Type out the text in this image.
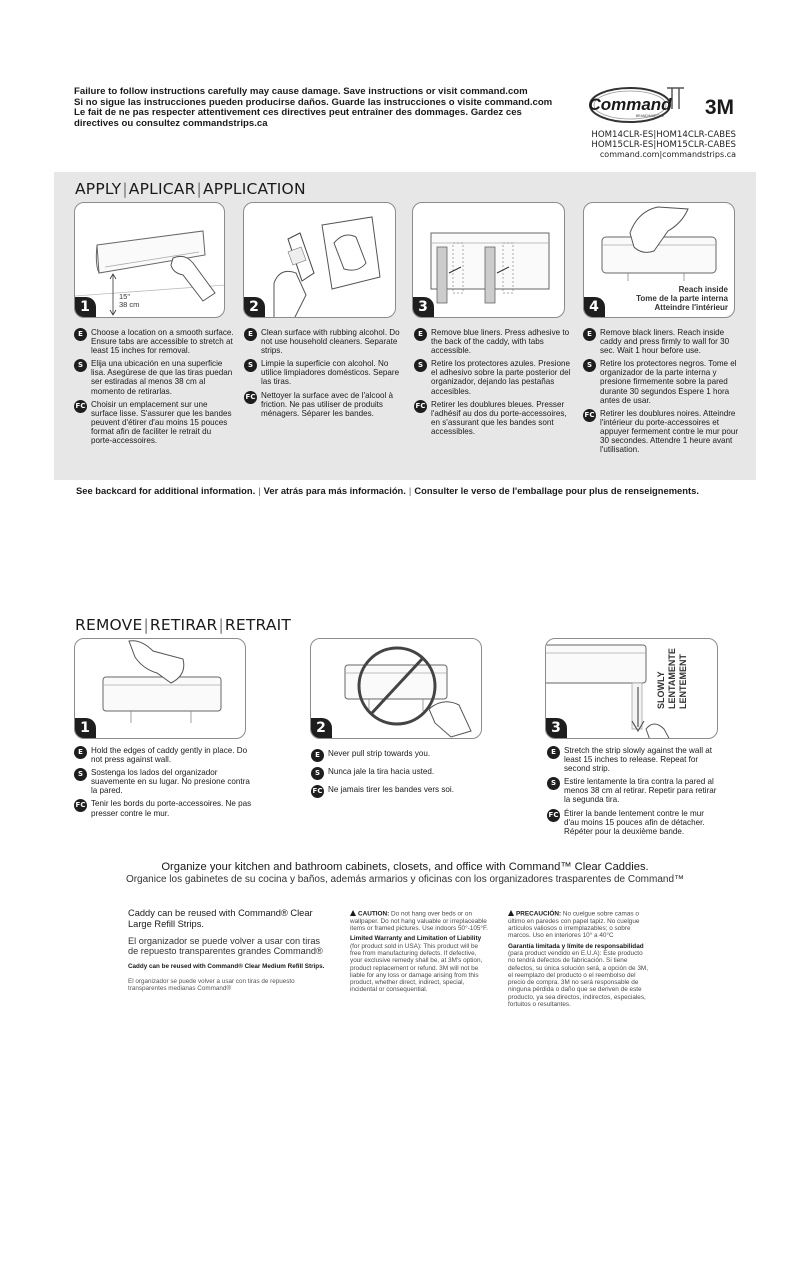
Failure to follow instructions carefully may cause damage. Save instructions or visit command.com
Si no sigue las instrucciones pueden producirse daños. Guarde las instrucciones o visite command.com
Le fait de ne pas respecter attentivement ces directives peut entraîner des dommages. Gardez ces
directives ou consultez commandstrips.ca
Command
BRAND/MARQUE 3M
HOM14CLR-ES|HOM14CLR-CABES
HOM15CLR-ES|HOM15CLR-CABES
command.com|commandstrips.ca
APPLY|APLICAR|APPLICATION
15"
38 cm
1	2	3
Reach inside
Tome de la parte interna
Atteindre l'intérieur
4
E	Choose a location on a smooth surface. Ensure tabs are accessible to stretch at least 15 inches for removal.
S Elija una ubicación en una superficie lisa. Asegúrese de que las tiras puedan ser estiradas al menos 38 cm al momento de retirarlas.
FC Choisir un emplacement sur une surface lisse. S'assurer que les bandes peuvent d'étirer d'au moins 15 pouces format afin de faciliter le retrait du porte-accessoires.
E	Clean surface with rubbing alcohol. Do not use household cleaners. Separate strips.
S Limpie la superficie con alcohol. No utilice limpiadores domésticos. Separe las tiras.
FC Nettoyer la surface avec de l'alcool à friction. Ne pas utiliser de produits ménagers. Séparer les bandes.
E	Remove blue liners. Press adhesive to the back of the caddy, with tabs accessible.
S Retire los protectores azules. Presione el adhesivo sobre la parte posterior del organizador, dejando las pestañas accesibles.
FC Retirer les doublures bleues. Presser l'adhésif au dos du porte-accessoires, en s'assurant que les bandes sont accessibles.
E	Remove black liners. Reach inside caddy and press firmly to wall for 30 sec. Wait 1 hour before use.
S Retire los protectores negros. Tome el organizador de la parte interna y presione firmemente sobre la pared durante 30 segundos Espere 1 hora antes de usar.
FC Retirer les doublures noires. Atteindre l'intérieur du porte-accessoires et appuyer fermement contre le mur pour 30 secondes. Attendre 1 heure avant l'utilisation.
See backcard for additional information. | Ver atrás para más información. | Consulter le verso de l'emballage pour plus de renseignements.
REMOVE|RETIRAR|RETRAIT
1	2
SLOWLY LENTAMENTE LENTEMENT
3
E	Hold the edges of caddy gently in place. Do not press against wall.
S Sostenga los lados del organizador suavemente en su lugar. No presione contra la pared.
FC Tenir les bords du porte-accessoires. Ne pas presser contre le mur.
E	Never pull strip towards you.
S Nunca jale la tira hacia usted.
FC Ne jamais tirer les bandes vers soi.
E	Stretch the strip slowly against the wall at least 15 inches to release. Repeat for second strip.
S Estire lentamente la tira contra la pared al menos 38 cm al retirar. Repetir para retirar la segunda tira.
FC Étirer la bande lentement contre le mur d'au moins 15 pouces afin de détacher. Répéter pour la deuxième bande.
Organize your kitchen and bathroom cabinets, closets, and office with Command™ Clear Caddies.
Organice los gabinetes de su cocina y baños, además armarios y oficinas con los organizadores trasparentes de Command™
Caddy can be reused with Command® Clear Large Refill Strips.
El organizador se puede volver a usar con tiras de repuesto transparentes grandes Command®
Caddy can be reused with Command® Clear Medium Refill Strips.
El organizador se puede volver a usar con tiras de repuesto transparentes medianas Command®

CAUTION: Do not hang over beds or on wallpaper. Do not hang valuable or irreplaceable items or framed pictures. Use indoors 50°-105°F.

Limited Warranty and Limitation of Liability
(for product sold in USA): This product will be free from manufacturing defects. If defective, your exclusive remedy shall be, at 3M's option, product replacement or refund. 3M will not be liable for any loss or damage arising from this product, whether direct, indirect, special, incidental or consequential.

PRECAUCIÓN: No cuelgue sobre camas o último en paredes con papel tapiz. No cuelgue artículos valiosos o irremplazables; o sobre marcos. Uso en interiores 10° a 40°C

Garantía limitada y límite de responsabilidad
(para product vendido en E.U.A): Este producto no tendrá defectos de fabricación. Si tiene defectos, su única solución será, a opción de 3M, el reemplazo del producto o el reembolso del precio de compra. 3M no será responsable de ninguna pérdida o daño que se deriven de este producto, ya sea directos, indirectos, especiales, fortuitos o resultantes.
